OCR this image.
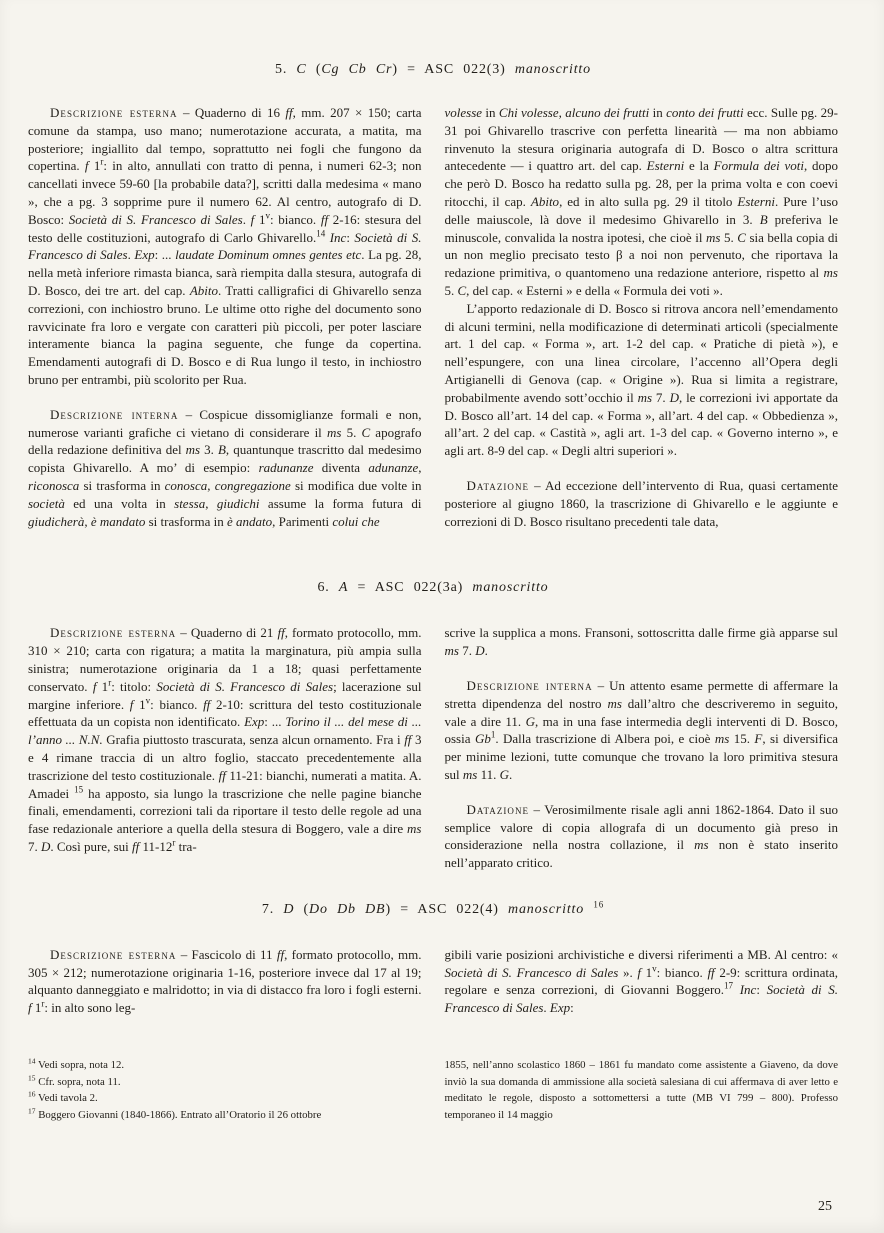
5. C (Cg Cb Cr) = ASC 022(3) manoscritto

Descrizione esterna – Quaderno di 16 ff, mm. 207 × 150; carta comune da stampa, uso mano; numerotazione accurata, a matita, ma posteriore; ingiallito dal tempo, soprattutto nei fogli che fungono da copertina. f 1$^r$: in alto, annullati con tratto di penna, i numeri 62-3; non cancellati invece 59-60 [la probabile data?], scritti dalla medesima « mano », che a pg. 3 sopprime pure il numero 62. Al centro, autografo di D. Bosco: Società di S. Francesco di Sales. f 1$^v$: bianco. ff 2-16: stesura del testo delle costituzioni, autografo di Carlo Ghivarello.$^{14}$ Inc: Società di S. Francesco di Sales. Exp: ... laudate Dominum omnes gentes etc. La pg. 28, nella metà inferiore rimasta bianca, sarà riempita dalla stesura, autografa di D. Bosco, dei tre art. del cap. Abito. Tratti calligrafici di Ghivarello senza correzioni, con inchiostro bruno. Le ultime otto righe del documento sono ravvicinate fra loro e vergate con caratteri più piccoli, per poter lasciare interamente bianca la pagina seguente, che funge da copertina. Emendamenti autografi di D. Bosco e di Rua lungo il testo, in inchiostro bruno per entrambi, più scolorito per Rua.

Descrizione interna – Cospicue dissomiglianze formali e non, numerose varianti grafiche ci vietano di considerare il ms 5. C apografo della redazione definitiva del ms 3. B, quantunque trascritto dal medesimo copista Ghivarello. A mo’ di esempio: radunanze diventa adunanze, riconosca si trasforma in conosca, congregazione si modifica due volte in società ed una volta in stessa, giudichi assume la forma futura di giudicherà, è mandato si trasforma in è andato, Parimenti colui che

volesse in Chi volesse, alcuno dei frutti in conto dei frutti ecc. Sulle pg. 29-31 poi Ghivarello trascrive con perfetta linearità — ma non abbiamo rinvenuto la stesura originaria autografa di D. Bosco o altra scrittura antecedente — i quattro art. del cap. Esterni e la Formula dei voti, dopo che però D. Bosco ha redatto sulla pg. 28, per la prima volta e con coevi ritocchi, il cap. Abito, ed in alto sulla pg. 29 il titolo Esterni. Pure l’uso delle maiuscole, là dove il medesimo Ghivarello in 3. B preferiva le minuscole, convalida la nostra ipotesi, che cioè il ms 5. C sia bella copia di un non meglio precisato testo β a noi non pervenuto, che riportava la redazione primitiva, o quantomeno una redazione anteriore, rispetto al ms 5. C, del cap. « Esterni » e della « Formula dei voti ».

L’apporto redazionale di D. Bosco si ritrova ancora nell’emendamento di alcuni termini, nella modificazione di determinati articoli (specialmente art. 1 del cap. « Forma », art. 1-2 del cap. « Pratiche di pietà »), e nell’espungere, con una linea circolare, l’accenno all’Opera degli Artigianelli di Genova (cap. « Origine »). Rua si limita a registrare, probabilmente avendo sott’occhio il ms 7. D, le correzioni ivi apportate da D. Bosco all’art. 14 del cap. « Forma », all’art. 4 del cap. « Obbedienza », all’art. 2 del cap. « Castità », agli art. 1-3 del cap. « Governo interno », e agli art. 8-9 del cap. « Degli altri superiori ».

Datazione – Ad eccezione dell’intervento di Rua, quasi certamente posteriore al giugno 1860, la trascrizione di Ghivarello e le aggiunte e correzioni di D. Bosco risultano precedenti tale data,

6. A = ASC 022(3a) manoscritto

Descrizione esterna – Quaderno di 21 ff, formato protocollo, mm. 310 × 210; carta con rigatura; a matita la marginatura, più ampia sulla sinistra; numerotazione originaria da 1 a 18; quasi perfettamente conservato. f 1$^r$: titolo: Società di S. Francesco di Sales; lacerazione sul margine inferiore. f 1$^v$: bianco. ff 2-10: scrittura del testo costituzionale effettuata da un copista non identificato. Exp: ... Torino il ... del mese di ... l’anno ... N.N. Grafia piuttosto trascurata, senza alcun ornamento. Fra i ff 3 e 4 rimane traccia di un altro foglio, staccato precedentemente alla trascrizione del testo costituzionale. ff 11-21: bianchi, numerati a matita. A. Amadei $^{15}$ ha apposto, sia lungo la trascrizione che nelle pagine bianche finali, emendamenti, correzioni tali da riportare il testo delle regole ad una fase redazionale anteriore a quella della stesura di Boggero, vale a dire ms 7. D. Così pure, sui ff 11-12$^r$ tra-

scrive la supplica a mons. Fransoni, sottoscritta dalle firme già apparse sul ms 7. D.

Descrizione interna – Un attento esame permette di affermare la stretta dipendenza del nostro ms dall’altro che descriveremo in seguito, vale a dire 11. G, ma in una fase intermedia degli interventi di D. Bosco, ossia Gb$^1$. Dalla trascrizione di Albera poi, e cioè ms 15. F, si diversifica per minime lezioni, tutte comunque che trovano la loro primitiva stesura sul ms 11. G.

Datazione – Verosimilmente risale agli anni 1862-1864. Dato il suo semplice valore di copia allografa di un documento già preso in considerazione nella nostra collazione, il ms non è stato inserito nell’apparato critico.

7. D (Do Db DB) = ASC 022(4) manoscritto $^{16}$

Descrizione esterna – Fascicolo di 11 ff, formato protocollo, mm. 305 × 212; numerotazione originaria 1-16, posteriore invece dal 17 al 19; alquanto danneggiato e malridotto; in via di distacco fra loro i fogli esterni. f 1$^r$: in alto sono leg-

gibili varie posizioni archivistiche e diversi riferimenti a MB. Al centro: « Società di S. Francesco di Sales ». f 1$^v$: bianco. ff 2-9: scrittura ordinata, regolare e senza correzioni, di Giovanni Boggero.$^{17}$ Inc: Società di S. Francesco di Sales. Exp:

$^{14}$ Vedi sopra, nota 12.

$^{15}$ Cfr. sopra, nota 11.

$^{16}$ Vedi tavola 2.

$^{17}$ Boggero Giovanni (1840-1866). Entrato all’Oratorio il 26 ottobre

1855, nell’anno scolastico 1860 – 1861 fu mandato come assistente a Giaveno, da dove inviò la sua domanda di ammissione alla società salesiana di cui affermava di aver letto e meditato le regole, disposto a sottomettersi a tutte (MB VI 799 – 800). Professo temporaneo il 14 maggio

25
